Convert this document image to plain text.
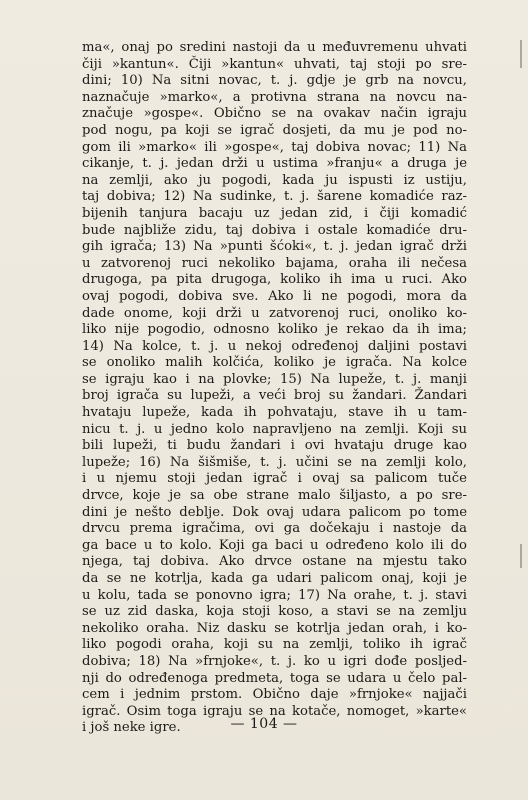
ma«, onaj po sredini nastoji da u međuvremenu uhvati
čiji »kantun«. Čiji »kantun« uhvati, taj stoji po sre-
dini; 10) Na sitni novac, t. j. gdje je grb na novcu,
naznačuje »marko«, a protivna strana na novcu na-
značuje »gospe«. Obično se na ovakav način igraju
pod nogu, pa koji se igrač dosjeti, da mu je pod no-
gom ili »marko« ili »gospe«, taj dobiva novac; 11) Na
cikanje, t. j. jedan drži u ustima »franju« a druga je
na zemlji, ako ju pogodi, kada ju ispusti iz ustiju,
taj dobiva; 12) Na sudinke, t. j. šarene komadiće raz-
bijenih tanjura bacaju uz jedan zid, i čiji komadić
bude najbliže zidu, taj dobiva i ostale komadiće dru-
gih igrača; 13) Na »punti šćoki«, t. j. jedan igrač drži
u zatvorenoj ruci nekoliko bajama, oraha ili nečesa
drugoga, pa pita drugoga, koliko ih ima u ruci. Ako
ovaj pogodi, dobiva sve. Ako li ne pogodi, mora da
dade onome, koji drži u zatvorenoj ruci, onoliko ko-
liko nije pogodio, odnosno koliko je rekao da ih ima;
14) Na kolce, t. j. u nekoj određenoj daljini postavi
se onoliko malih kolčića, koliko je igrača. Na kolce
se igraju kao i na plovke; 15) Na lupeže, t. j. manji
broj igrača su lupeži, a veći broj su žandari. Žandari
hvataju lupeže, kada ih pohvataju, stave ih u tam-
nicu t. j. u jedno kolo napravljeno na zemlji. Koji su
bili lupeži, ti budu žandari i ovi hvataju druge kao
lupeže; 16) Na šišmiše, t. j. učini se na zemlji kolo,
i u njemu stoji jedan igrač i ovaj sa palicom tuče
drvce, koje je sa obe strane malo šiljasto, a po sre-
dini je nešto deblje. Dok ovaj udara palicom po tome
drvcu prema igračima, ovi ga dočekaju i nastoje da
ga bace u to kolo. Koji ga baci u određeno kolo ili do
njega, taj dobiva. Ako drvce ostane na mjestu tako
da se ne kotrlja, kada ga udari palicom onaj, koji je
u kolu, tada se ponovno igra; 17) Na orahe, t. j. stavi
se uz zid daska, koja stoji koso, a stavi se na zemlju
nekoliko oraha. Niz dasku se kotrlja jedan orah, i ko-
liko pogodi oraha, koji su na zemlji, toliko ih igrač
dobiva; 18) Na »frnjoke«, t. j. ko u igri dođe posljed-
nji do određenoga predmeta, toga se udara u čelo pal-
cem i jednim prstom. Obično daje »frnjoke« najjači
igrač. Osim toga igraju se na kotače, nomoget, »karte«
i još neke igre.	— 104 —
